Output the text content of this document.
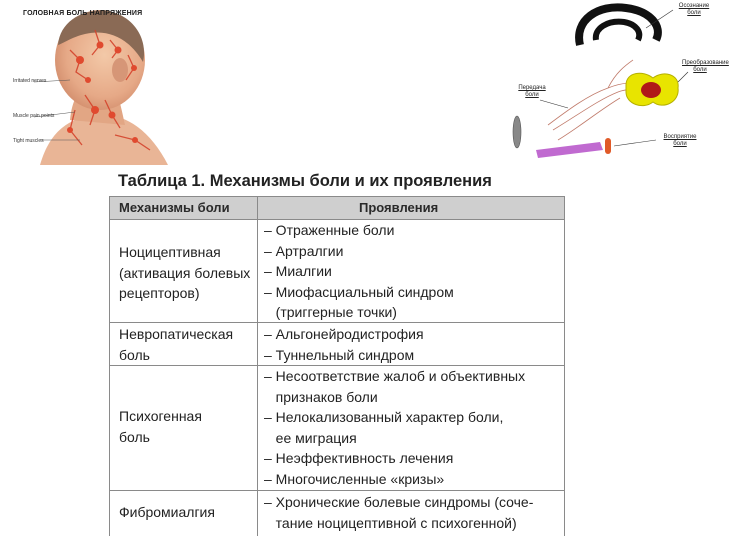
ГОЛОВНАЯ БОЛЬ НАПРЯЖЕНИЯ
Irritated nerves
Muscle pain points
Tight muscles
Осознание боли
Передача боли
Преобразование боли
Восприятие боли
Таблица 1. Механизмы боли и их проявления
Механизмы боли	Проявления
Ноцицептивная
(активация болевых
рецепторов)
– Отраженные боли
– Артралгии
– Миалгии
– Миофасциальный синдром
(триггерные точки)
Невропатическая
боль
– Альгонейродистрофия
– Туннельный синдром
Психогенная
боль
– Несоответствие жалоб и объективных
признаков боли
– Нелокализованный характер боли,
ее миграция
– Неэффективность лечения
– Многочисленные «кризы»
Фибромиалгия
– Хронические болевые синдромы (соче-
тание ноцицептивной с психогенной)
